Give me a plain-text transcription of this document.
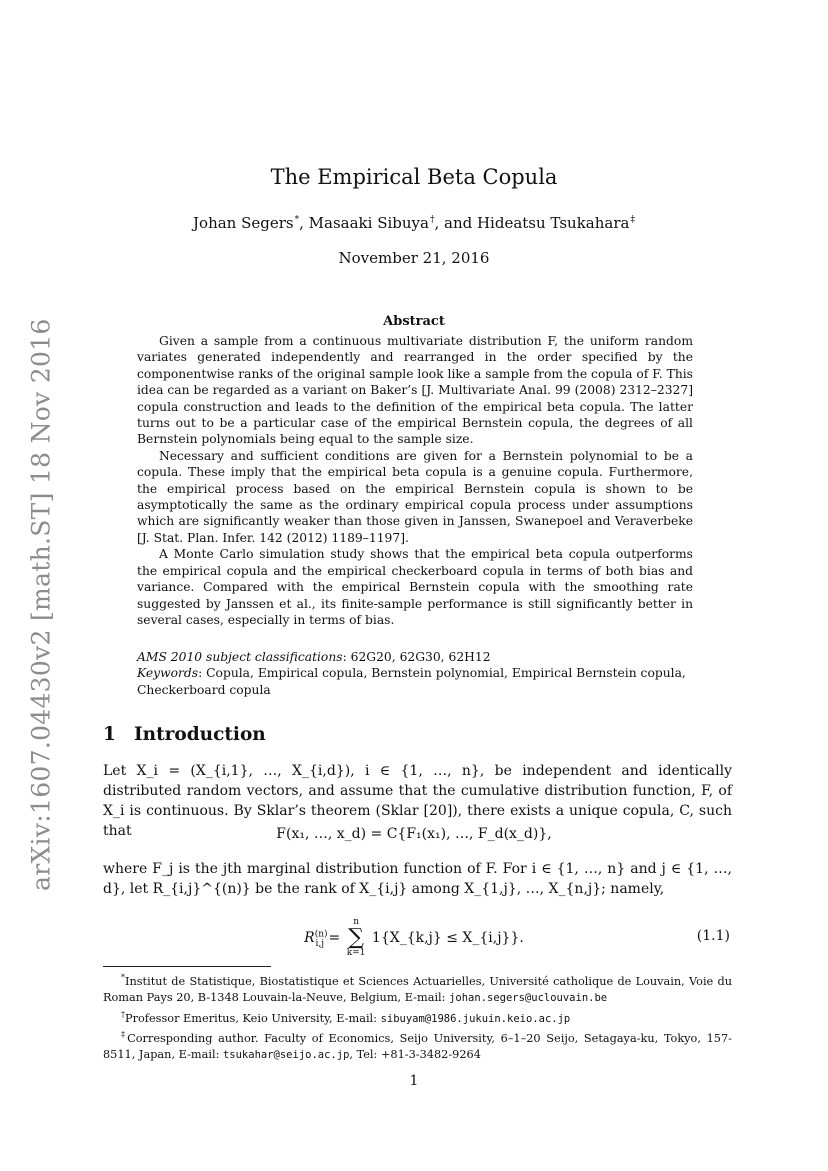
arXiv:1607.04430v2 [math.ST] 18 Nov 2016
The Empirical Beta Copula
Johan Segers*, Masaaki Sibuya†, and Hideatsu Tsukahara‡
November 21, 2016
Abstract

Given a sample from a continuous multivariate distribution F, the uniform random variates generated independently and rearranged in the order specified by the componentwise ranks of the original sample look like a sample from the copula of F. This idea can be regarded as a variant on Baker’s [J. Multivariate Anal. 99 (2008) 2312–2327] copula construction and leads to the definition of the empirical beta copula. The latter turns out to be a particular case of the empirical Bernstein copula, the degrees of all Bernstein polynomials being equal to the sample size.

Necessary and sufficient conditions are given for a Bernstein polynomial to be a copula. These imply that the empirical beta copula is a genuine copula. Furthermore, the empirical process based on the empirical Bernstein copula is shown to be asymptotically the same as the ordinary empirical copula process under assumptions which are significantly weaker than those given in Janssen, Swanepoel and Veraverbeke [J. Stat. Plan. Infer. 142 (2012) 1189–1197].

A Monte Carlo simulation study shows that the empirical beta copula outperforms the empirical copula and the empirical checkerboard copula in terms of both bias and variance. Compared with the empirical Bernstein copula with the smoothing rate suggested by Janssen et al., its finite-sample performance is still significantly better in several cases, especially in terms of bias.

AMS 2010 subject classifications: 62G20, 62G30, 62H12

Keywords: Copula, Empirical copula, Bernstein polynomial, Empirical Bernstein copula, Checkerboard copula

1 Introduction
Let X_i = (X_{i,1}, …, X_{i,d}), i ∈ {1, …, n}, be independent and identically distributed random vectors, and assume that the cumulative distribution function, F, of X_i is continuous. By Sklar’s theorem (Sklar [20]), there exists a unique copula, C, such that	F(x₁, …, x_d) = C{F₁(x₁), …, F_d(x_d)},
where F_j is the jth marginal distribution function of F. For i ∈ {1, …, n} and j ∈ {1, …, d}, let R_{i,j}^{(n)} be the rank of X_{i,j} among X_{1,j}, …, X_{n,j}; namely,
$R^{(n)}_{i,j}$ =
n
∑
k=1
1{X_{k,j} ≤ X_{i,j}}.	(1.1)

*Institut de Statistique, Biostatistique et Sciences Actuarielles, Université catholique de Louvain, Voie du Roman Pays 20, B-1348 Louvain-la-Neuve, Belgium, E-mail: johan.segers@uclouvain.be

†Professor Emeritus, Keio University, E-mail: sibuyam@1986.jukuin.keio.ac.jp

‡Corresponding author. Faculty of Economics, Seijo University, 6–1–20 Seijo, Setagaya-ku, Tokyo, 157-8511, Japan, E-mail: tsukahar@seijo.ac.jp, Tel: +81-3-3482-9264

1
